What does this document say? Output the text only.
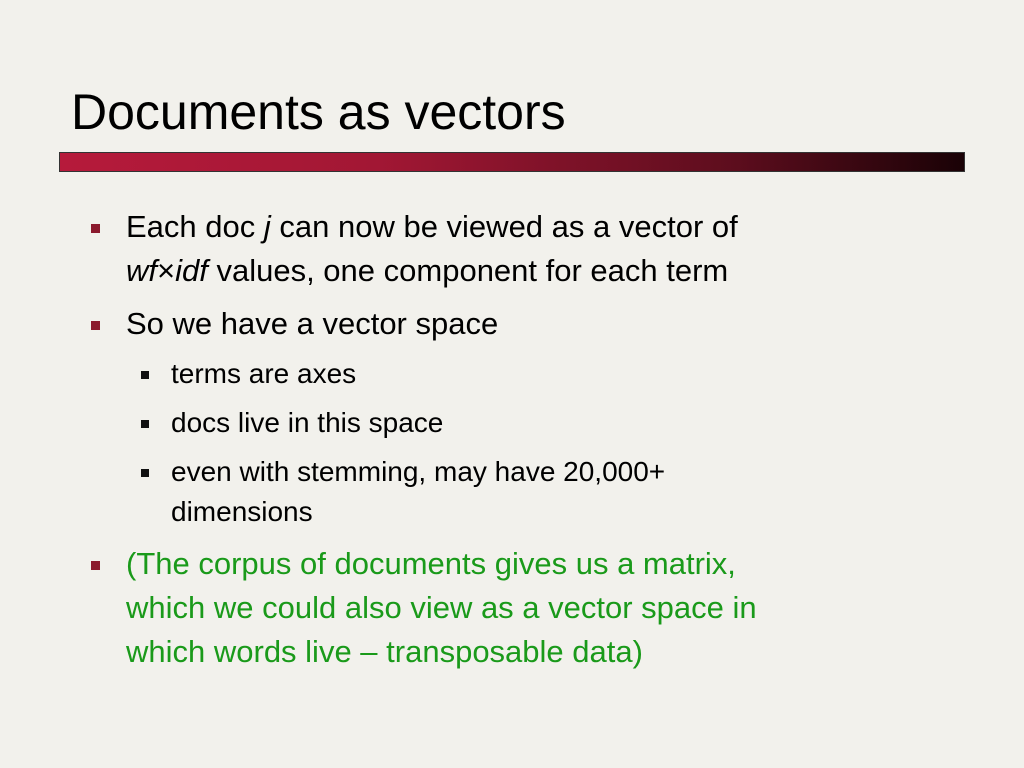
Documents as vectors
Each doc j can now be viewed as a vector of
wf×idf values, one component for each term
So we have a vector space
terms are axes
docs live in this space
even with stemming, may have 20,000+
dimensions
(The corpus of documents gives us a matrix,
which we could also view as a vector space in
which words live – transposable data)
